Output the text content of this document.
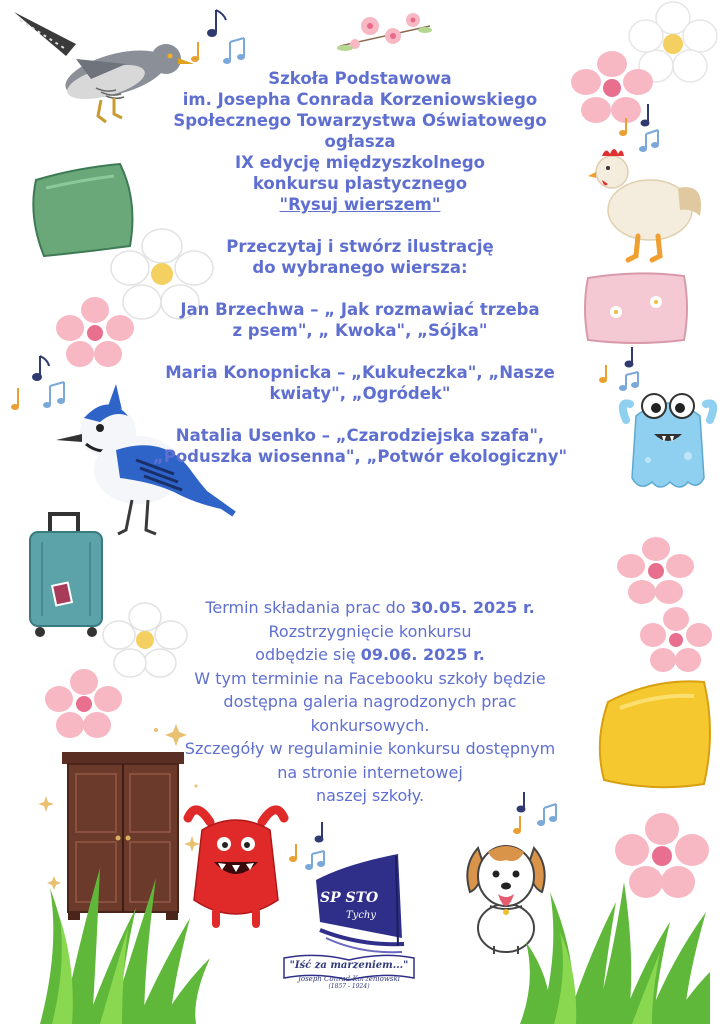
SP STO
Tychy
"Iść za marzeniem..."
Joseph Conrad-Korzeniowski
(1857 - 1924)
Szkoła Podstawowa
im. Josepha Conrada Korzeniowskiego
Społecznego Towarzystwa Oświatowego
ogłasza
IX edycję międzyszkolnego
konkursu plastycznego
"Rysuj wierszem"
Przeczytaj i stwórz ilustrację
do wybranego wiersza:
Jan Brzechwa – „ Jak rozmawiać trzeba
z psem", „ Kwoka", „Sójka"
Maria Konopnicka – „Kukułeczka", „Nasze
kwiaty", „Ogródek"
Natalia Usenko – „Czarodziejska szafa",
„Poduszka wiosenna", „Potwór ekologiczny"
Termin składania prac do 30.05. 2025 r.
Rozstrzygnięcie konkursu
odbędzie się 09.06. 2025 r.
W tym terminie na Facebooku szkoły będzie
dostępna galeria nagrodzonych prac
konkursowych.
Szczegóły w regulaminie konkursu dostępnym
na stronie internetowej
naszej szkoły.
